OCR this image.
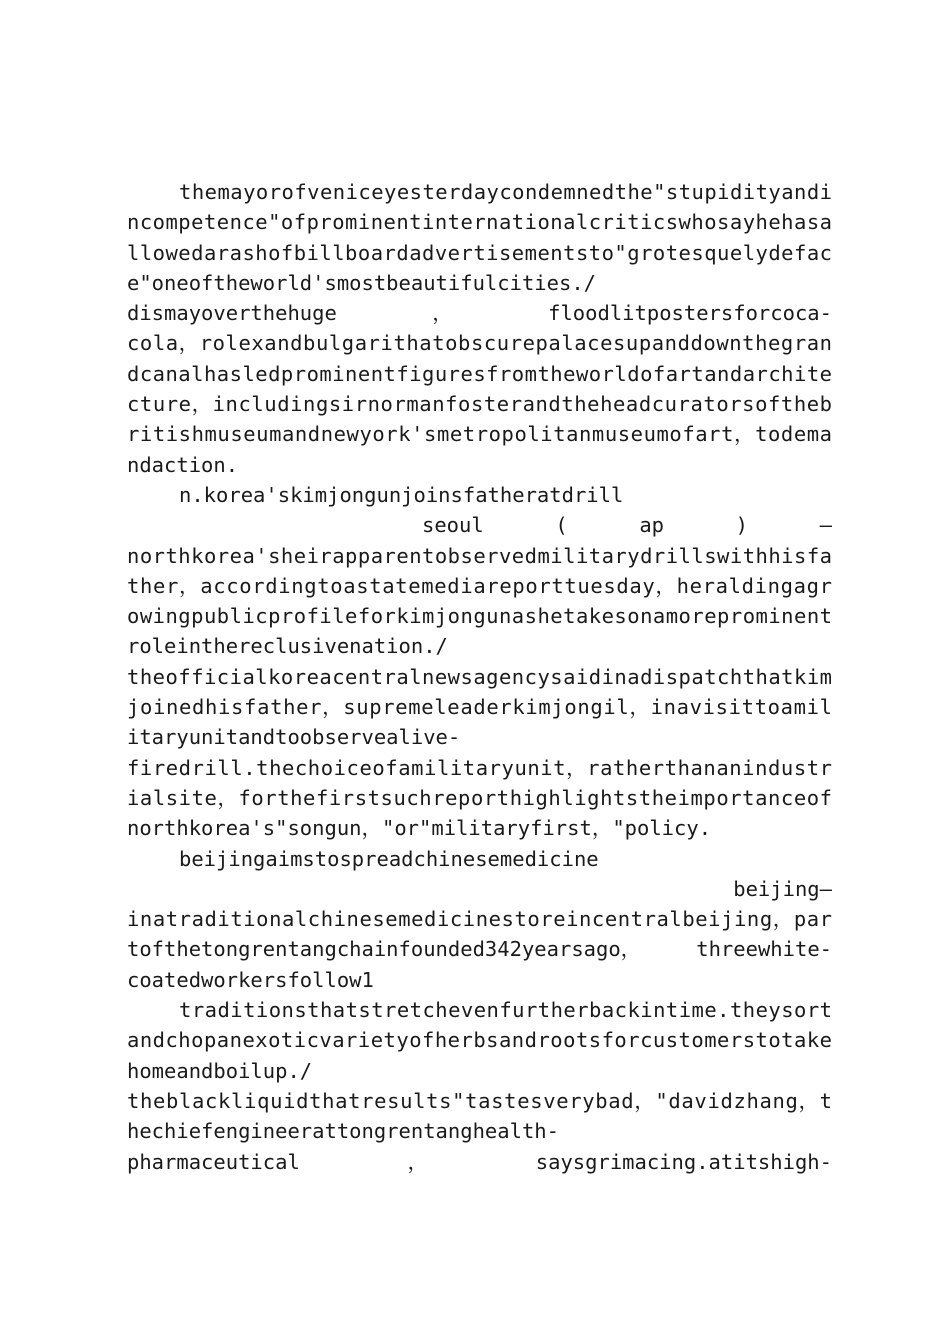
themayorofveniceyesterdaycondemnedthe"stupidityandi
ncompetence"ofprominentinternationalcriticswhosayhehasa
llowedarashofbillboardadvertisementsto"grotesquelydefac
e"oneoftheworld'smostbeautifulcities./
dismayoverthehuge	，	floodlitpostersforcoca-
cola，rolexandbulgarithatobscurepalacesupanddownthegran
dcanalhasledprominentfiguresfromtheworldofartandarchite
cture，includingsirnormanfosterandtheheadcuratorsoftheb
ritishmuseumandnewyork'smetropolitanmuseumofart，todema
ndaction.
n.korea'skimjongunjoinsfatheratdrill
seoul	(	ap	)	—
northkorea'sheirapparentobservedmilitarydrillswithhisfa
ther，accordingtoastatemediareporttuesday，heraldingagr
owingpublicprofileforkimjongunashetakesonamoreprominent
roleinthereclusivenation./
theofficialkoreacentralnewsagencysaidinadispatchthatkim
joinedhisfather，supremeleaderkimjongil，inavisittoamil
itaryunitandtoobservealive-
firedrill.thechoiceofamilitaryunit，ratherthananindustr
ialsite，forthefirstsuchreporthighlightstheimportanceof
northkorea's"songun，"or"militaryfirst，"policy.
beijingaimstospreadchinesemedicine
beijing—
inatraditionalchinesemedicinestoreincentralbeijing，par
tofthetongrentangchainfounded342yearsago，	threewhite-
coatedworkersfollow1
traditionsthatstretchevenfurtherbackintime.theysort
andchopanexoticvarietyofherbsandrootsforcustomerstotake
homeandboilup./
theblackliquidthatresults"tastesverybad，"davidzhang，t
hechiefengineerattongrentanghealth-
pharmaceutical	，	saysgrimacing.atitshigh-
